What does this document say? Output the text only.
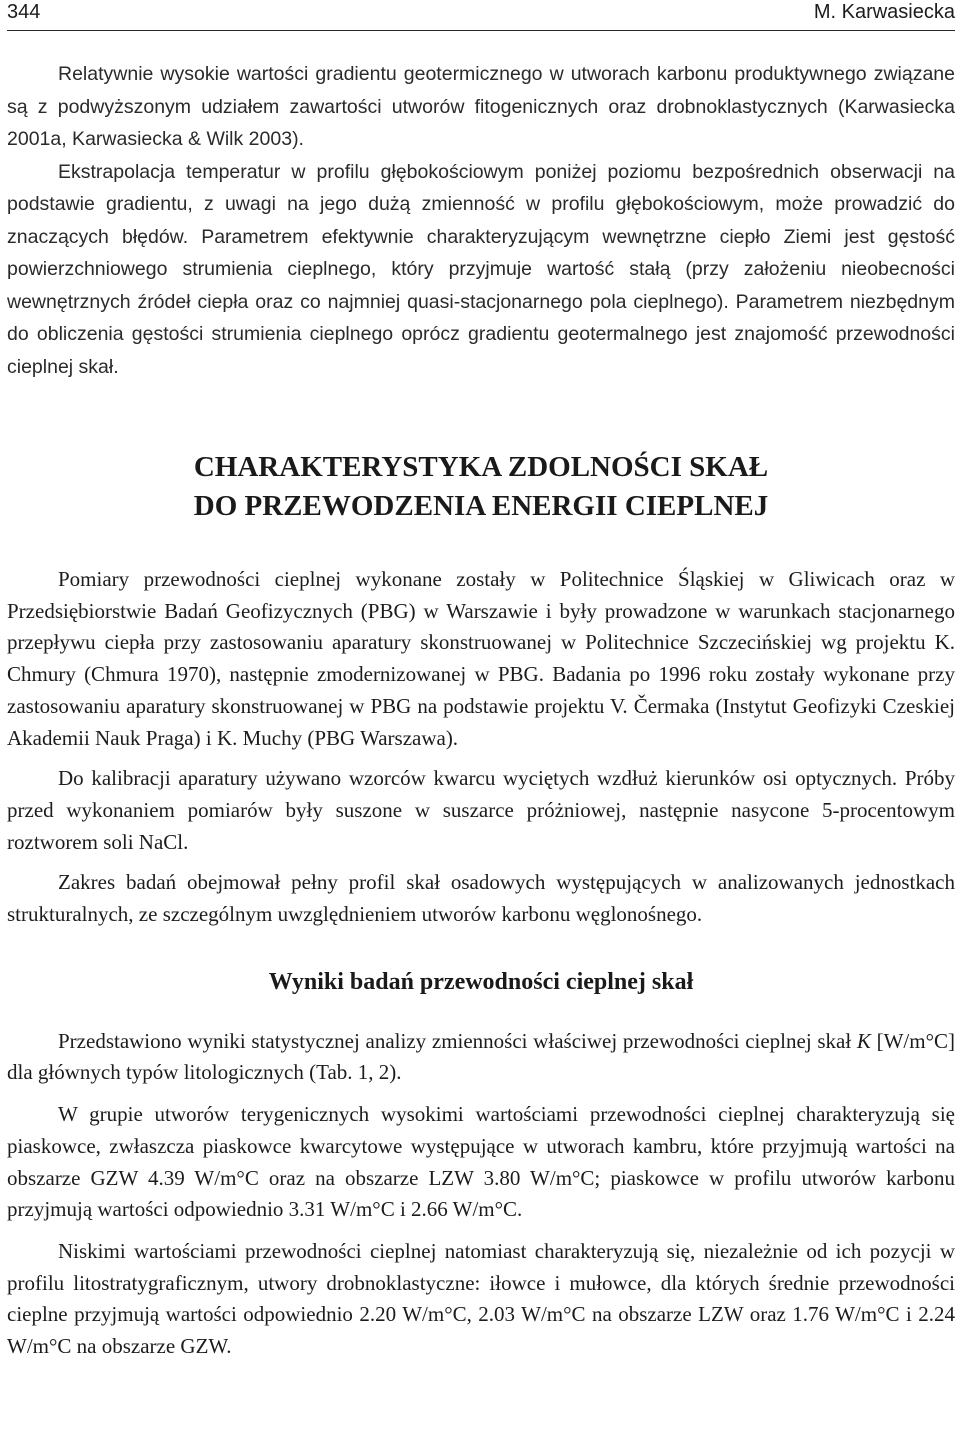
344	M. Karwasiecka

Relatywnie wysokie wartości gradientu geotermicznego w utworach karbonu produktywnego związane są z podwyższonym udziałem zawartości utworów fitogenicznych oraz drobnoklastycznych (Karwasiecka 2001a, Karwasiecka & Wilk 2003).

Ekstrapolacja temperatur w profilu głębokościowym poniżej poziomu bezpośrednich obserwacji na podstawie gradientu, z uwagi na jego dużą zmienność w profilu głębokościowym, może prowadzić do znaczących błędów. Parametrem efektywnie charakteryzującym wewnętrzne ciepło Ziemi jest gęstość powierzchniowego strumienia cieplnego, który przyjmuje wartość stałą (przy założeniu nieobecności wewnętrznych źródeł ciepła oraz co najmniej quasi-stacjonarnego pola cieplnego). Parametrem niezbędnym do obliczenia gęstości strumienia cieplnego oprócz gradientu geotermalnego jest znajomość przewodności cieplnej skał.

CHARAKTERYSTYKA ZDOLNOŚCI SKAŁ
DO PRZEWODZENIA ENERGII CIEPLNEJ

Pomiary przewodności cieplnej wykonane zostały w Politechnice Śląskiej w Gliwicach oraz w Przedsiębiorstwie Badań Geofizycznych (PBG) w Warszawie i były prowadzone w warunkach stacjonarnego przepływu ciepła przy zastosowaniu aparatury skonstruowanej w Politechnice Szczecińskiej wg projektu K. Chmury (Chmura 1970), następnie zmodernizowanej w PBG. Badania po 1996 roku zostały wykonane przy zastosowaniu aparatury skonstruowanej w PBG na podstawie projektu V. Čermaka (Instytut Geofizyki Czeskiej Akademii Nauk Praga) i K. Muchy (PBG Warszawa).

Do kalibracji aparatury używano wzorców kwarcu wyciętych wzdłuż kierunków osi optycznych. Próby przed wykonaniem pomiarów były suszone w suszarce próżniowej, następnie nasycone 5-procentowym roztworem soli NaCl.

Zakres badań obejmował pełny profil skał osadowych występujących w analizowanych jednostkach strukturalnych, ze szczególnym uwzględnieniem utworów karbonu węglonośnego.

Wyniki badań przewodności cieplnej skał

Przedstawiono wyniki statystycznej analizy zmienności właściwej przewodności cieplnej skał K [W/m°C] dla głównych typów litologicznych (Tab. 1, 2).

W grupie utworów terygenicznych wysokimi wartościami przewodności cieplnej charakteryzują się piaskowce, zwłaszcza piaskowce kwarcytowe występujące w utworach kambru, które przyjmują wartości na obszarze GZW 4.39 W/m°C oraz na obszarze LZW 3.80 W/m°C; piaskowce w profilu utworów karbonu przyjmują wartości odpowiednio 3.31 W/m°C i 2.66 W/m°C.

Niskimi wartościami przewodności cieplnej natomiast charakteryzują się, niezależnie od ich pozycji w profilu litostratygraficznym, utwory drobnoklastyczne: iłowce i mułowce, dla których średnie przewodności cieplne przyjmują wartości odpowiednio 2.20 W/m°C, 2.03 W/m°C na obszarze LZW oraz 1.76 W/m°C i 2.24 W/m°C na obszarze GZW.
